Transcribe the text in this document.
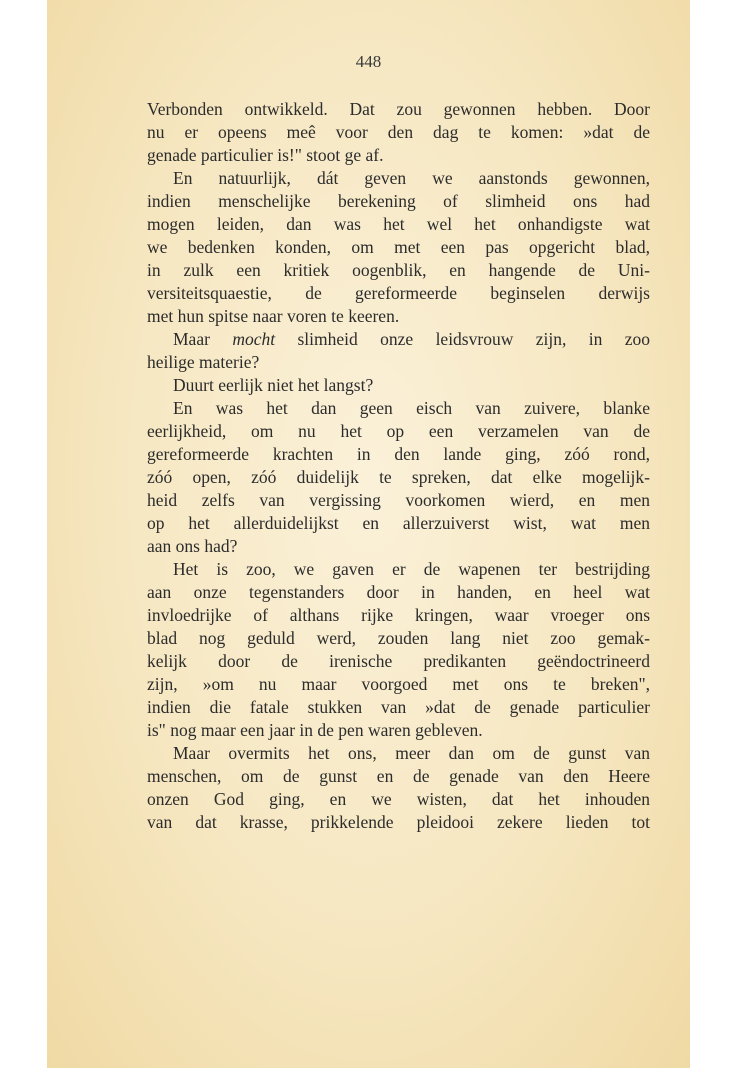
448
Verbonden ontwikkeld. Dat zou gewonnen hebben. Door
nu er opeens meê voor den dag te komen: »dat de
genade particulier is!" stoot ge af.
En natuurlijk, dát geven we aanstonds gewonnen,
indien menschelijke berekening of slimheid ons had
mogen leiden, dan was het wel het onhandigste wat
we bedenken konden, om met een pas opgericht blad,
in zulk een kritiek oogenblik, en hangende de Uni-
versiteitsquaestie, de gereformeerde beginselen derwijs
met hun spitse naar voren te keeren.
Maar mocht slimheid onze leidsvrouw zijn, in zoo
heilige materie?
Duurt eerlijk niet het langst?
En was het dan geen eisch van zuivere, blanke
eerlijkheid, om nu het op een verzamelen van de
gereformeerde krachten in den lande ging, zóó rond,
zóó open, zóó duidelijk te spreken, dat elke mogelijk-
heid zelfs van vergissing voorkomen wierd, en men
op het allerduidelijkst en allerzuiverst wist, wat men
aan ons had?
Het is zoo, we gaven er de wapenen ter bestrijding
aan onze tegenstanders door in handen, en heel wat
invloedrijke of althans rijke kringen, waar vroeger ons
blad nog geduld werd, zouden lang niet zoo gemak-
kelijk door de irenische predikanten geëndoctrineerd
zijn, »om nu maar voorgoed met ons te breken",
indien die fatale stukken van »dat de genade particulier
is" nog maar een jaar in de pen waren gebleven.
Maar overmits het ons, meer dan om de gunst van
menschen, om de gunst en de genade van den Heere
onzen God ging, en we wisten, dat het inhouden
van dat krasse, prikkelende pleidooi zekere lieden tot
